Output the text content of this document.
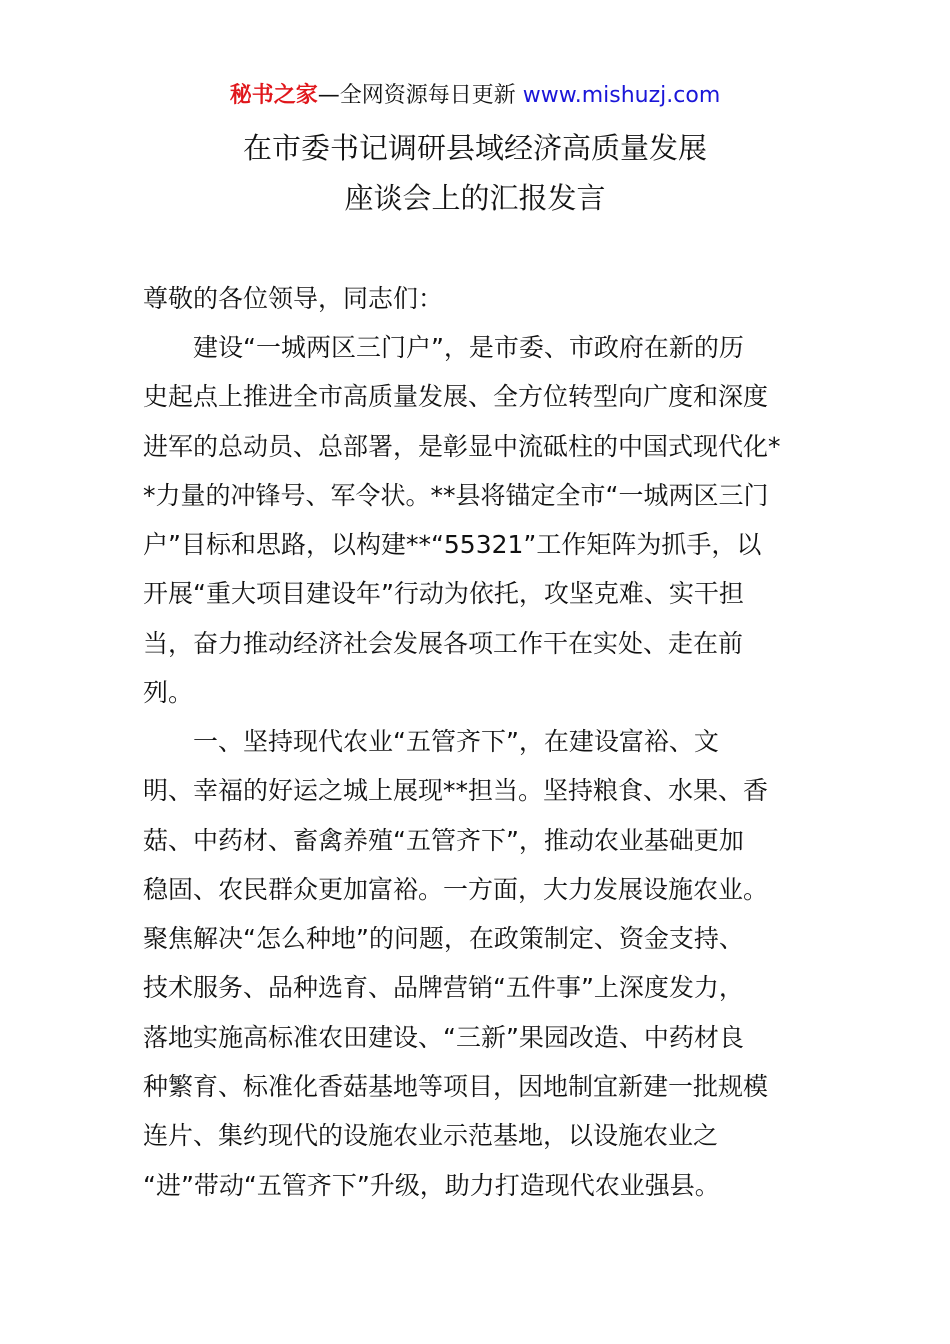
秘书之家—全网资源每日更新 www.mishuzj.com
在市委书记调研县域经济高质量发展
座谈会上的汇报发言
尊敬的各位领导，同志们：
　　建设“一城两区三门户”，是市委、市政府在新的历
史起点上推进全市高质量发展、全方位转型向广度和深度
进军的总动员、总部署，是彰显中流砥柱的中国式现代化*
*力量的冲锋号、军令状。**县将锚定全市“一城两区三门
户”目标和思路，以构建**“55321”工作矩阵为抓手，以
开展“重大项目建设年”行动为依托，攻坚克难、实干担
当，奋力推动经济社会发展各项工作干在实处、走在前
列。
　　一、坚持现代农业“五管齐下”，在建设富裕、文
明、幸福的好运之城上展现**担当。坚持粮食、水果、香
菇、中药材、畜禽养殖“五管齐下”，推动农业基础更加
稳固、农民群众更加富裕。一方面，大力发展设施农业。
聚焦解决“怎么种地”的问题，在政策制定、资金支持、
技术服务、品种选育、品牌营销“五件事”上深度发力，
落地实施高标准农田建设、“三新”果园改造、中药材良
种繁育、标准化香菇基地等项目，因地制宜新建一批规模
连片、集约现代的设施农业示范基地，以设施农业之
“进”带动“五管齐下”升级，助力打造现代农业强县。
